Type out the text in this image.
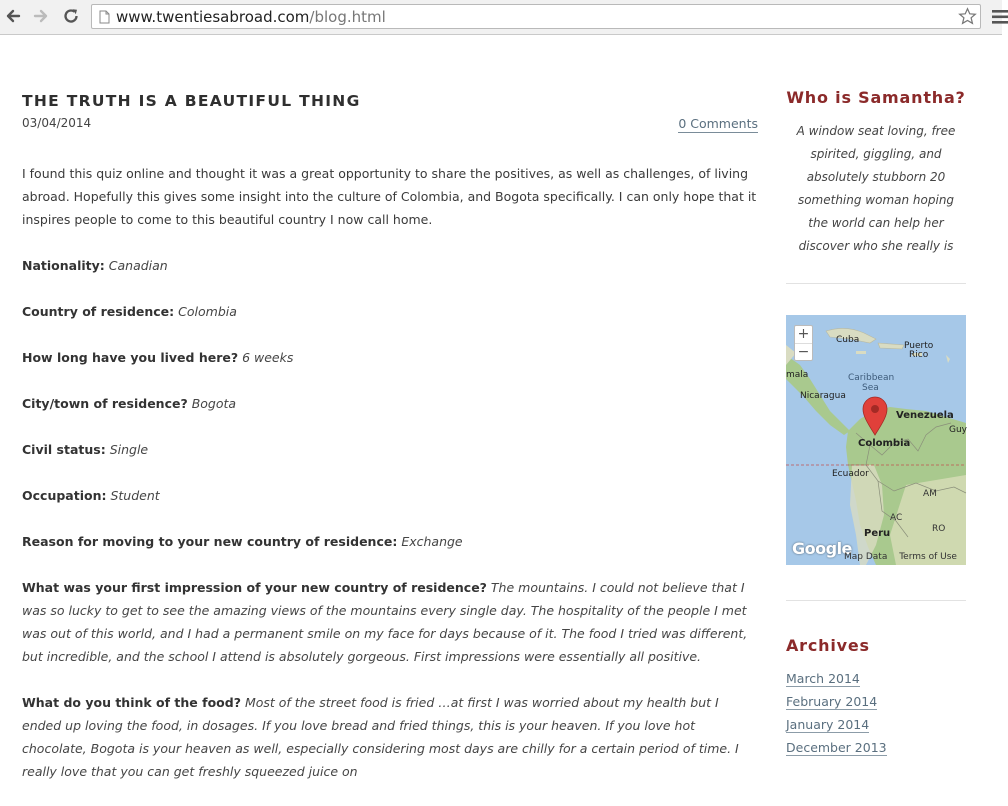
www.twentiesabroad.com/blog.html
THE TRUTH IS A BEAUTIFUL THING
03/04/2014	0 Comments

I found this quiz online and thought it was a great opportunity to share the positives, as well as challenges, of living abroad. Hopefully this gives some insight into the culture of Colombia, and Bogota specifically. I can only hope that it inspires people to come to this beautiful country I now call home.

Nationality: Canadian

Country of residence: Colombia

How long have you lived here? 6 weeks

City/town of residence? Bogota

Civil status: Single

Occupation: Student

Reason for moving to your new country of residence: Exchange

What was your first impression of your new country of residence? The mountains. I could not believe that I was so lucky to get to see the amazing views of the mountains every single day. The hospitality of the people I met was out of this world, and I had a permanent smile on my face for days because of it. The food I tried was different, but incredible, and the school I attend is absolutely gorgeous. First impressions were essentially all positive.

What do you think of the food? Most of the street food is fried …at first I was worried about my health but I ended up loving the food, in dosages. If you love bread and fried things, this is your heaven. If you love hot chocolate, Bogota is your heaven as well, especially considering most days are chilly for a certain period of time. I really love that you can get freshly squeezed juice on

Who is Samantha?

A window seat loving, free spirited, giggling, and absolutely stubborn 20 something woman hoping the world can help her discover who she really is

+
−
Cuba
Puerto
Rico
Caribbean
Sea
mala
Nicaragua
Venezuela
Guy
Colombia
Ecuador
AM
AC
RO
Peru
Google
Map Data Terms of Use
Archives
March 2014
February 2014
January 2014
December 2013
